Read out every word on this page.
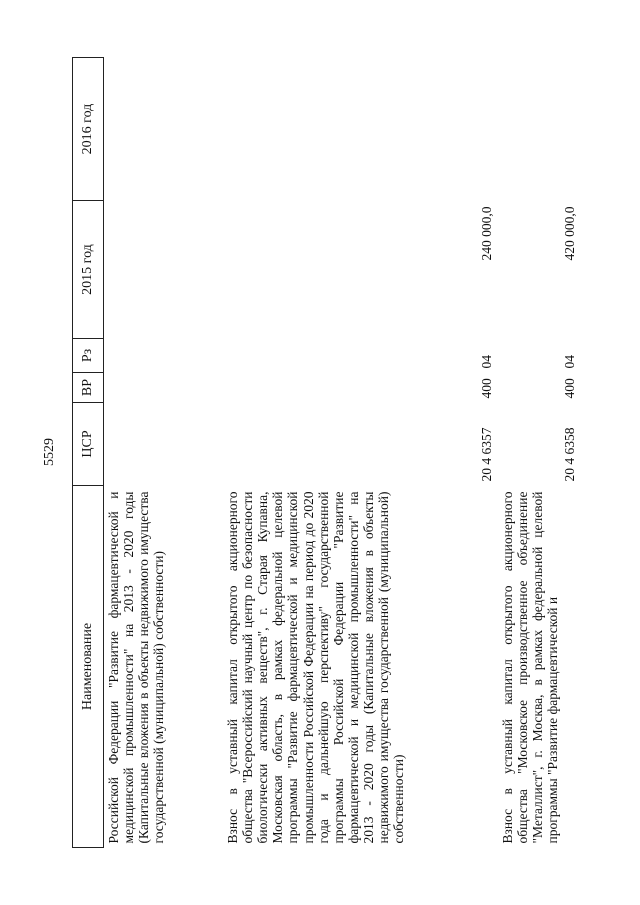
5529
Наименование	ЦСР	ВР	Рз	2015 год	2016 год
Российской Федерации "Развитие фармацевтической и медицинской промышленности" на 2013 - 2020 годы (Капитальные вложения в объекты недвижимого имущества государственной (муниципальной) собственности)					
Взнос в уставный капитал открытого акционерного общества "Всероссийский научный центр по безопасности биологически активных веществ", г. Старая Купавна, Московская область, в рамках федеральной целевой программы "Развитие фармацевтической и медицинской промышленности Российской Федерации на период до 2020 года и дальнейшую перспективу" государственной программы Российской Федерации "Развитие фармацевтической и медицинской промышленности" на 2013 - 2020 годы (Капитальные вложения в объекты недвижимого имущества государственной (муниципальной) собственности)	20 4 6357	400	04	240 000,0	
Взнос в уставный капитал открытого акционерного общества "Московское производственное объединение "Металлист", г. Москва, в рамках федеральной целевой программы "Развитие фармацевтической и	20 4 6358	400	04	420 000,0	
